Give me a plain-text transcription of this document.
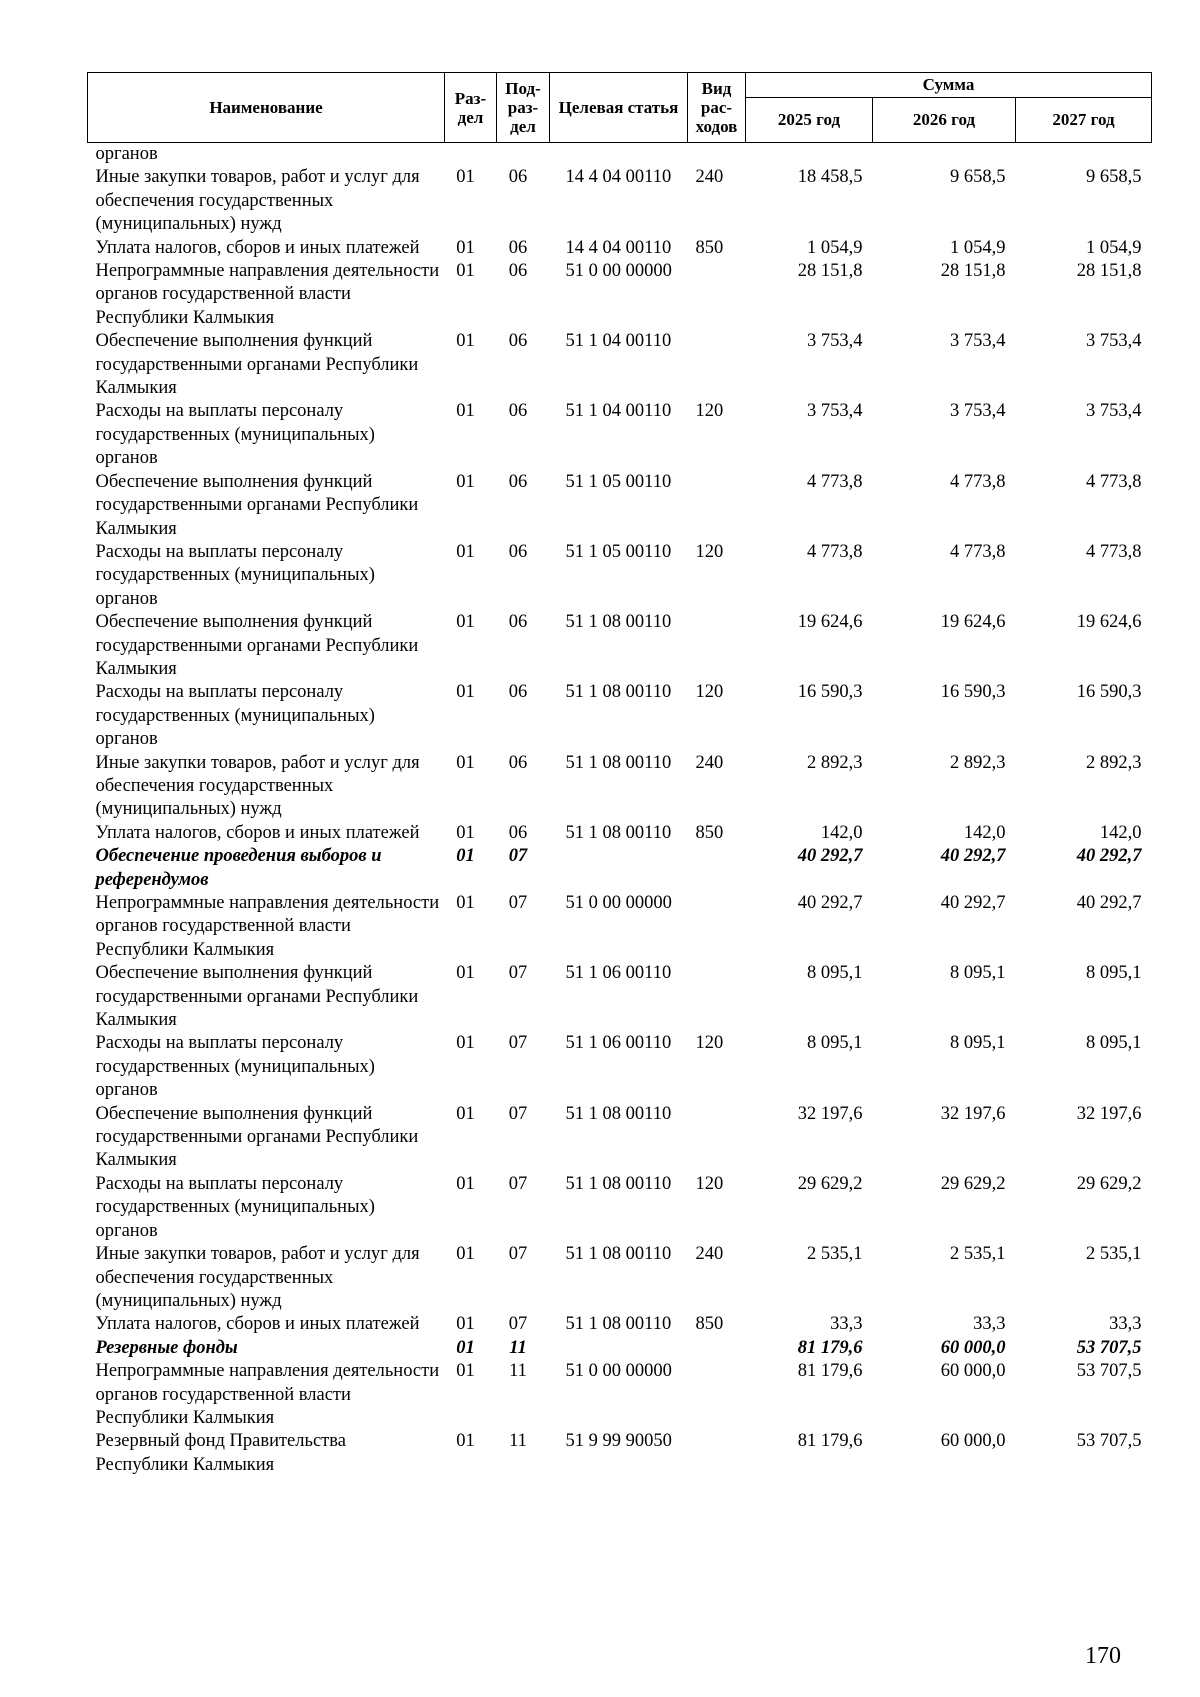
Наименование	Раз-дел	Под-раз-дел	Целевая статья	Вид рас-ходов	Сумма		
					2025 год	2026 год	2027 год
органов							
Иные закупки товаров, работ и услуг для обеспечения государственных (муниципальных) нужд	01	06	14 4 04 00110	240	18 458,5	9 658,5	9 658,5
Уплата налогов, сборов и иных платежей	01	06	14 4 04 00110	850	1 054,9	1 054,9	1 054,9
Непрограммные направления деятельности органов государственной власти Республики Калмыкия	01	06	51 0 00 00000		28 151,8	28 151,8	28 151,8
Обеспечение выполнения функций государственными органами Республики Калмыкия	01	06	51 1 04 00110		3 753,4	3 753,4	3 753,4
Расходы на выплаты персоналу государственных (муниципальных) органов	01	06	51 1 04 00110	120	3 753,4	3 753,4	3 753,4
Обеспечение выполнения функций государственными органами Республики Калмыкия	01	06	51 1 05 00110		4 773,8	4 773,8	4 773,8
Расходы на выплаты персоналу государственных (муниципальных) органов	01	06	51 1 05 00110	120	4 773,8	4 773,8	4 773,8
Обеспечение выполнения функций государственными органами Республики Калмыкия	01	06	51 1 08 00110		19 624,6	19 624,6	19 624,6
Расходы на выплаты персоналу государственных (муниципальных) органов	01	06	51 1 08 00110	120	16 590,3	16 590,3	16 590,3
Иные закупки товаров, работ и услуг для обеспечения государственных (муниципальных) нужд	01	06	51 1 08 00110	240	2 892,3	2 892,3	2 892,3
Уплата налогов, сборов и иных платежей	01	06	51 1 08 00110	850	142,0	142,0	142,0
Обеспечение проведения выборов и референдумов	01	07			40 292,7	40 292,7	40 292,7
Непрограммные направления деятельности органов государственной власти Республики Калмыкия	01	07	51 0 00 00000		40 292,7	40 292,7	40 292,7
Обеспечение выполнения функций государственными органами Республики Калмыкия	01	07	51 1 06 00110		8 095,1	8 095,1	8 095,1
Расходы на выплаты персоналу государственных (муниципальных) органов	01	07	51 1 06 00110	120	8 095,1	8 095,1	8 095,1
Обеспечение выполнения функций государственными органами Республики Калмыкия	01	07	51 1 08 00110		32 197,6	32 197,6	32 197,6
Расходы на выплаты персоналу государственных (муниципальных) органов	01	07	51 1 08 00110	120	29 629,2	29 629,2	29 629,2
Иные закупки товаров, работ и услуг для обеспечения государственных (муниципальных) нужд	01	07	51 1 08 00110	240	2 535,1	2 535,1	2 535,1
Уплата налогов, сборов и иных платежей	01	07	51 1 08 00110	850	33,3	33,3	33,3
Резервные фонды	01	11			81 179,6	60 000,0	53 707,5
Непрограммные направления деятельности органов государственной власти Республики Калмыкия	01	11	51 0 00 00000		81 179,6	60 000,0	53 707,5
Резервный фонд Правительства Республики Калмыкия	01	11	51 9 99 90050		81 179,6	60 000,0	53 707,5
170
